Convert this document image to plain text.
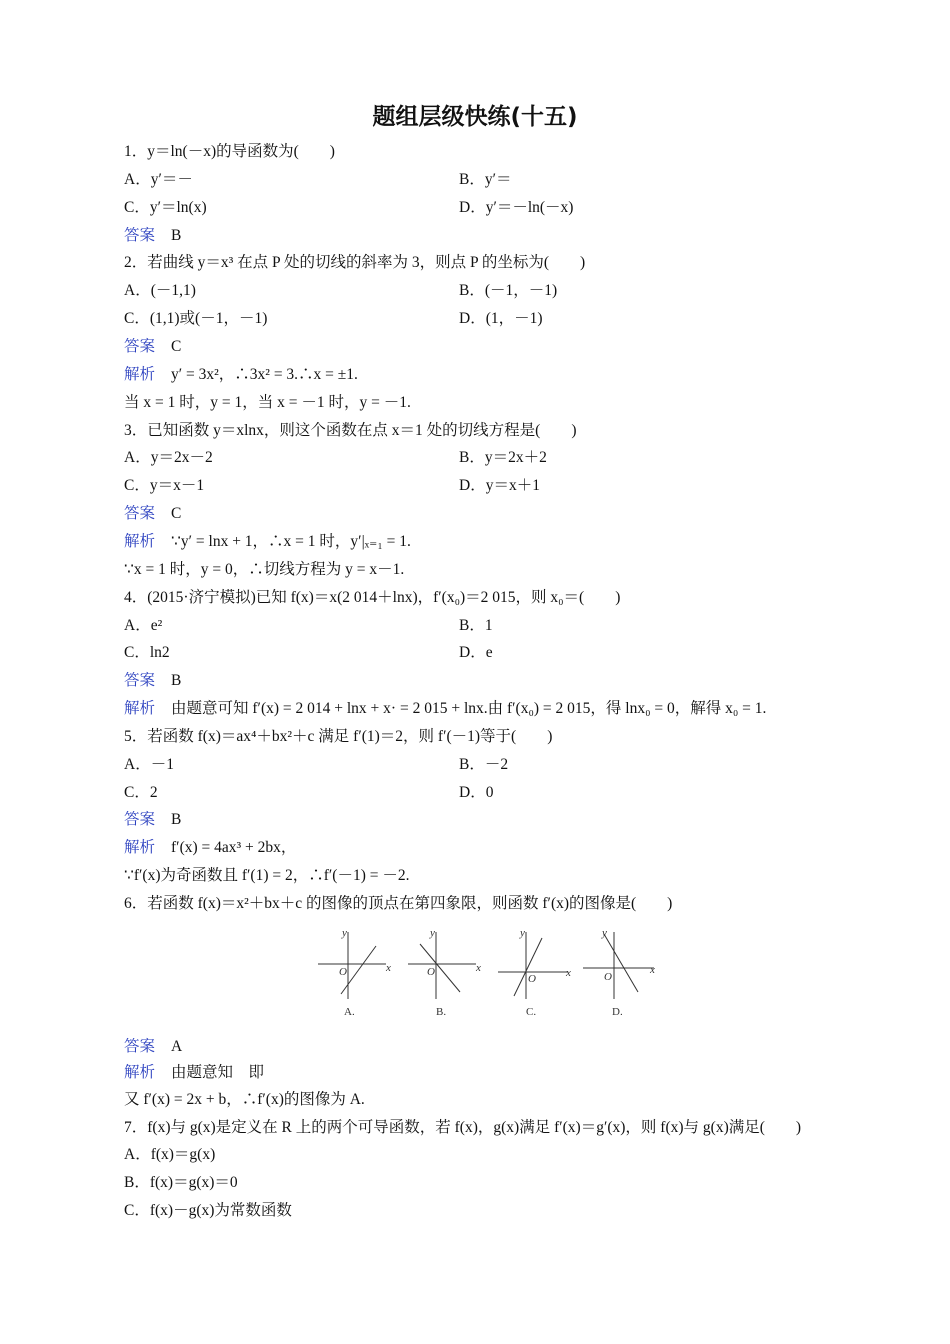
题组层级快练(十五)
1．y＝ln(－x)的导函数为(　　)
A．y′＝－	B．y′＝
C．y′＝ln(x)	D．y′＝－ln(－x)
答案 B
2．若曲线 y＝x³ 在点 P 处的切线的斜率为 3，则点 P 的坐标为(　　)
A．(－1,1)	B．(－1，－1)
C．(1,1)或(－1，－1)	D．(1，－1)
答案 C
解析 y′ = 3x²，∴3x² = 3.∴x = ±1.
当 x = 1 时，y = 1，当 x = －1 时，y = －1.
3．已知函数 y＝xlnx，则这个函数在点 x＝1 处的切线方程是(　　)
A．y＝2x－2	B．y＝2x＋2
C．y＝x－1	D．y＝x＋1
答案 C
解析 ∵y′ = lnx + 1，∴x = 1 时，y′|ₓ₌₁ = 1.
∵x = 1 时，y = 0，∴切线方程为 y = x－1.
4．(2015·济宁模拟)已知 f(x)＝x(2 014＋lnx)，f′(x₀)＝2 015，则 x₀＝(　　)
A．e²	B．1
C．ln2	D．e
答案 B
解析 由题意可知 f′(x) = 2 014 + lnx + x· = 2 015 + lnx.由 f′(x₀) = 2 015，得 lnx₀ = 0，解得 x₀ = 1.
5．若函数 f(x)＝ax⁴＋bx²＋c 满足 f′(1)＝2，则 f′(－1)等于(　　)
A．－1	B．－2
C．2	D．0
答案 B
解析 f′(x) = 4ax³ + 2bx，
∵f′(x)为奇函数且 f′(1) = 2，∴f′(－1) = －2.
6．若函数 f(x)＝x²＋bx＋c 的图像的顶点在第四象限，则函数 f′(x)的图像是(　　)
y
x
O
y
x
O
y
x
O
y
x
O
A.	B.	C.	D.
答案 A
解析 由题意知　即
又 f′(x) = 2x + b，∴f′(x)的图像为 A.
7．f(x)与 g(x)是定义在 R 上的两个可导函数，若 f(x)，g(x)满足 f′(x)＝g′(x)，则 f(x)与 g(x)满足(　　)
A．f(x)＝g(x)
B．f(x)＝g(x)＝0
C．f(x)－g(x)为常数函数
